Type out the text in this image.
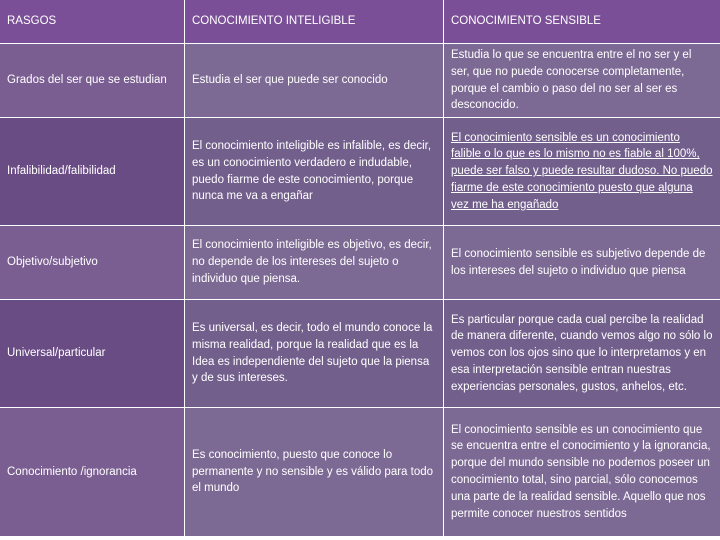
RASGOS	CONOCIMIENTO INTELIGIBLE	CONOCIMIENTO SENSIBLE
Grados del ser que se estudian	Estudia el ser que puede ser conocido	Estudia lo que se encuentra entre el no ser y el ser, que no puede conocerse completamente, porque el cambio o paso del no ser al ser es desconocido.
Infalibilidad/falibilidad	El conocimiento inteligible es infalible, es decir, es un conocimiento verdadero e indudable, puedo fiarme de este conocimiento, porque nunca me va a engañar	El conocimiento sensible es un conocimiento falible o lo que es lo mismo no es fiable al 100%, puede ser falso y puede resultar dudoso. No puedo fiarme de este conocimiento puesto que alguna vez me ha engañado
Objetivo/subjetivo	El conocimiento inteligible es objetivo, es decir, no depende de los intereses del sujeto o individuo que piensa.	El conocimiento sensible es subjetivo depende de los intereses del sujeto o individuo que piensa
Universal/particular	Es universal, es decir, todo el mundo conoce la misma realidad, porque la realidad que es la Idea es independiente del sujeto que la piensa y de sus intereses.	Es particular porque cada cual percibe la realidad de manera diferente, cuando vemos algo no sólo lo vemos con los ojos sino que lo interpretamos y en esa interpretación sensible entran nuestras experiencias personales, gustos, anhelos, etc.
Conocimiento /ignorancia	Es conocimiento, puesto que conoce lo permanente y no sensible y es válido para todo el mundo	El conocimiento sensible es un conocimiento que se encuentra entre el conocimiento y la ignorancia, porque del mundo sensible no podemos poseer un conocimiento total, sino parcial, sólo conocemos una parte de la realidad sensible. Aquello que nos permite conocer nuestros sentidos
